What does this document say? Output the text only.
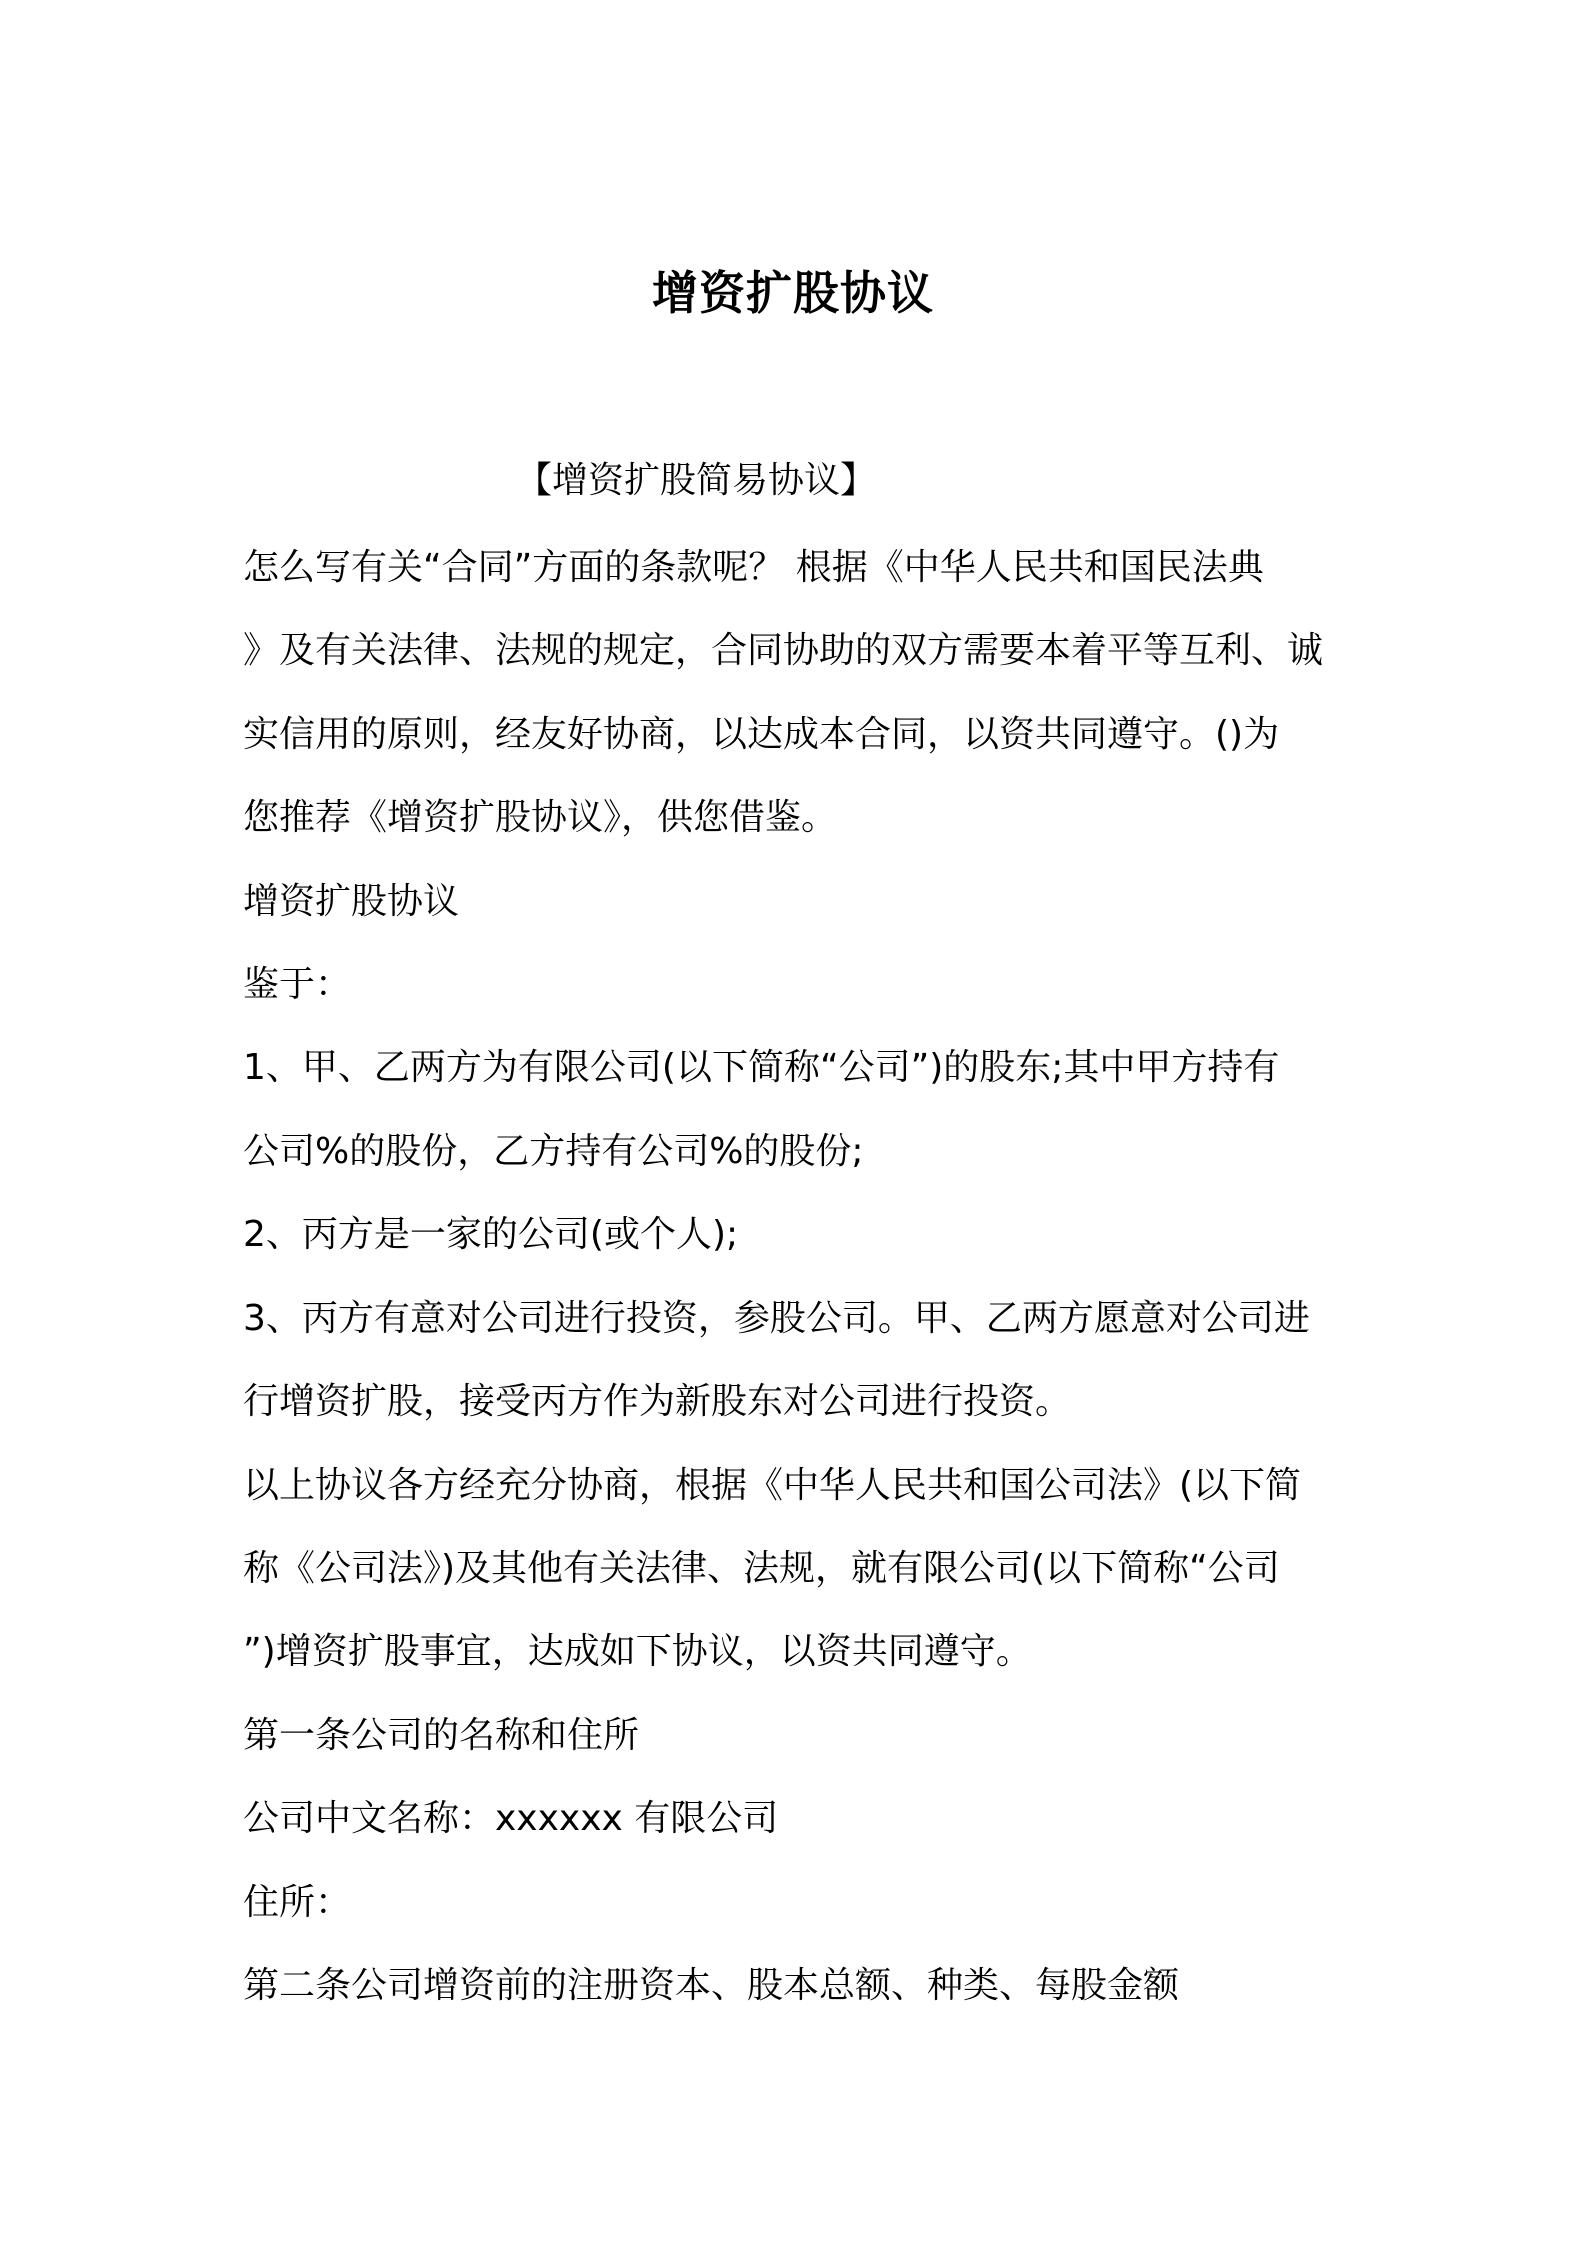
增资扩股协议
【增资扩股简易协议】
怎么写有关“合同”方面的条款呢？ 根据《中华人民共和国民法典
》及有关法律、法规的规定，合同协助的双方需要本着平等互利、诚
实信用的原则，经友好协商，以达成本合同，以资共同遵守。()为
您推荐《增资扩股协议》，供您借鉴。
增资扩股协议
鉴于：
1、甲、乙两方为有限公司(以下简称“公司”)的股东;其中甲方持有
公司%的股份，乙方持有公司%的股份;
2、丙方是一家的公司(或个人);
3、丙方有意对公司进行投资，参股公司。甲、乙两方愿意对公司进
行增资扩股，接受丙方作为新股东对公司进行投资。
以上协议各方经充分协商，根据《中华人民共和国公司法》(以下简
称《公司法》)及其他有关法律、法规，就有限公司(以下简称“公司
”)增资扩股事宜，达成如下协议，以资共同遵守。
第一条公司的名称和住所
公司中文名称：xxxxxx 有限公司
住所：
第二条公司增资前的注册资本、股本总额、种类、每股金额
